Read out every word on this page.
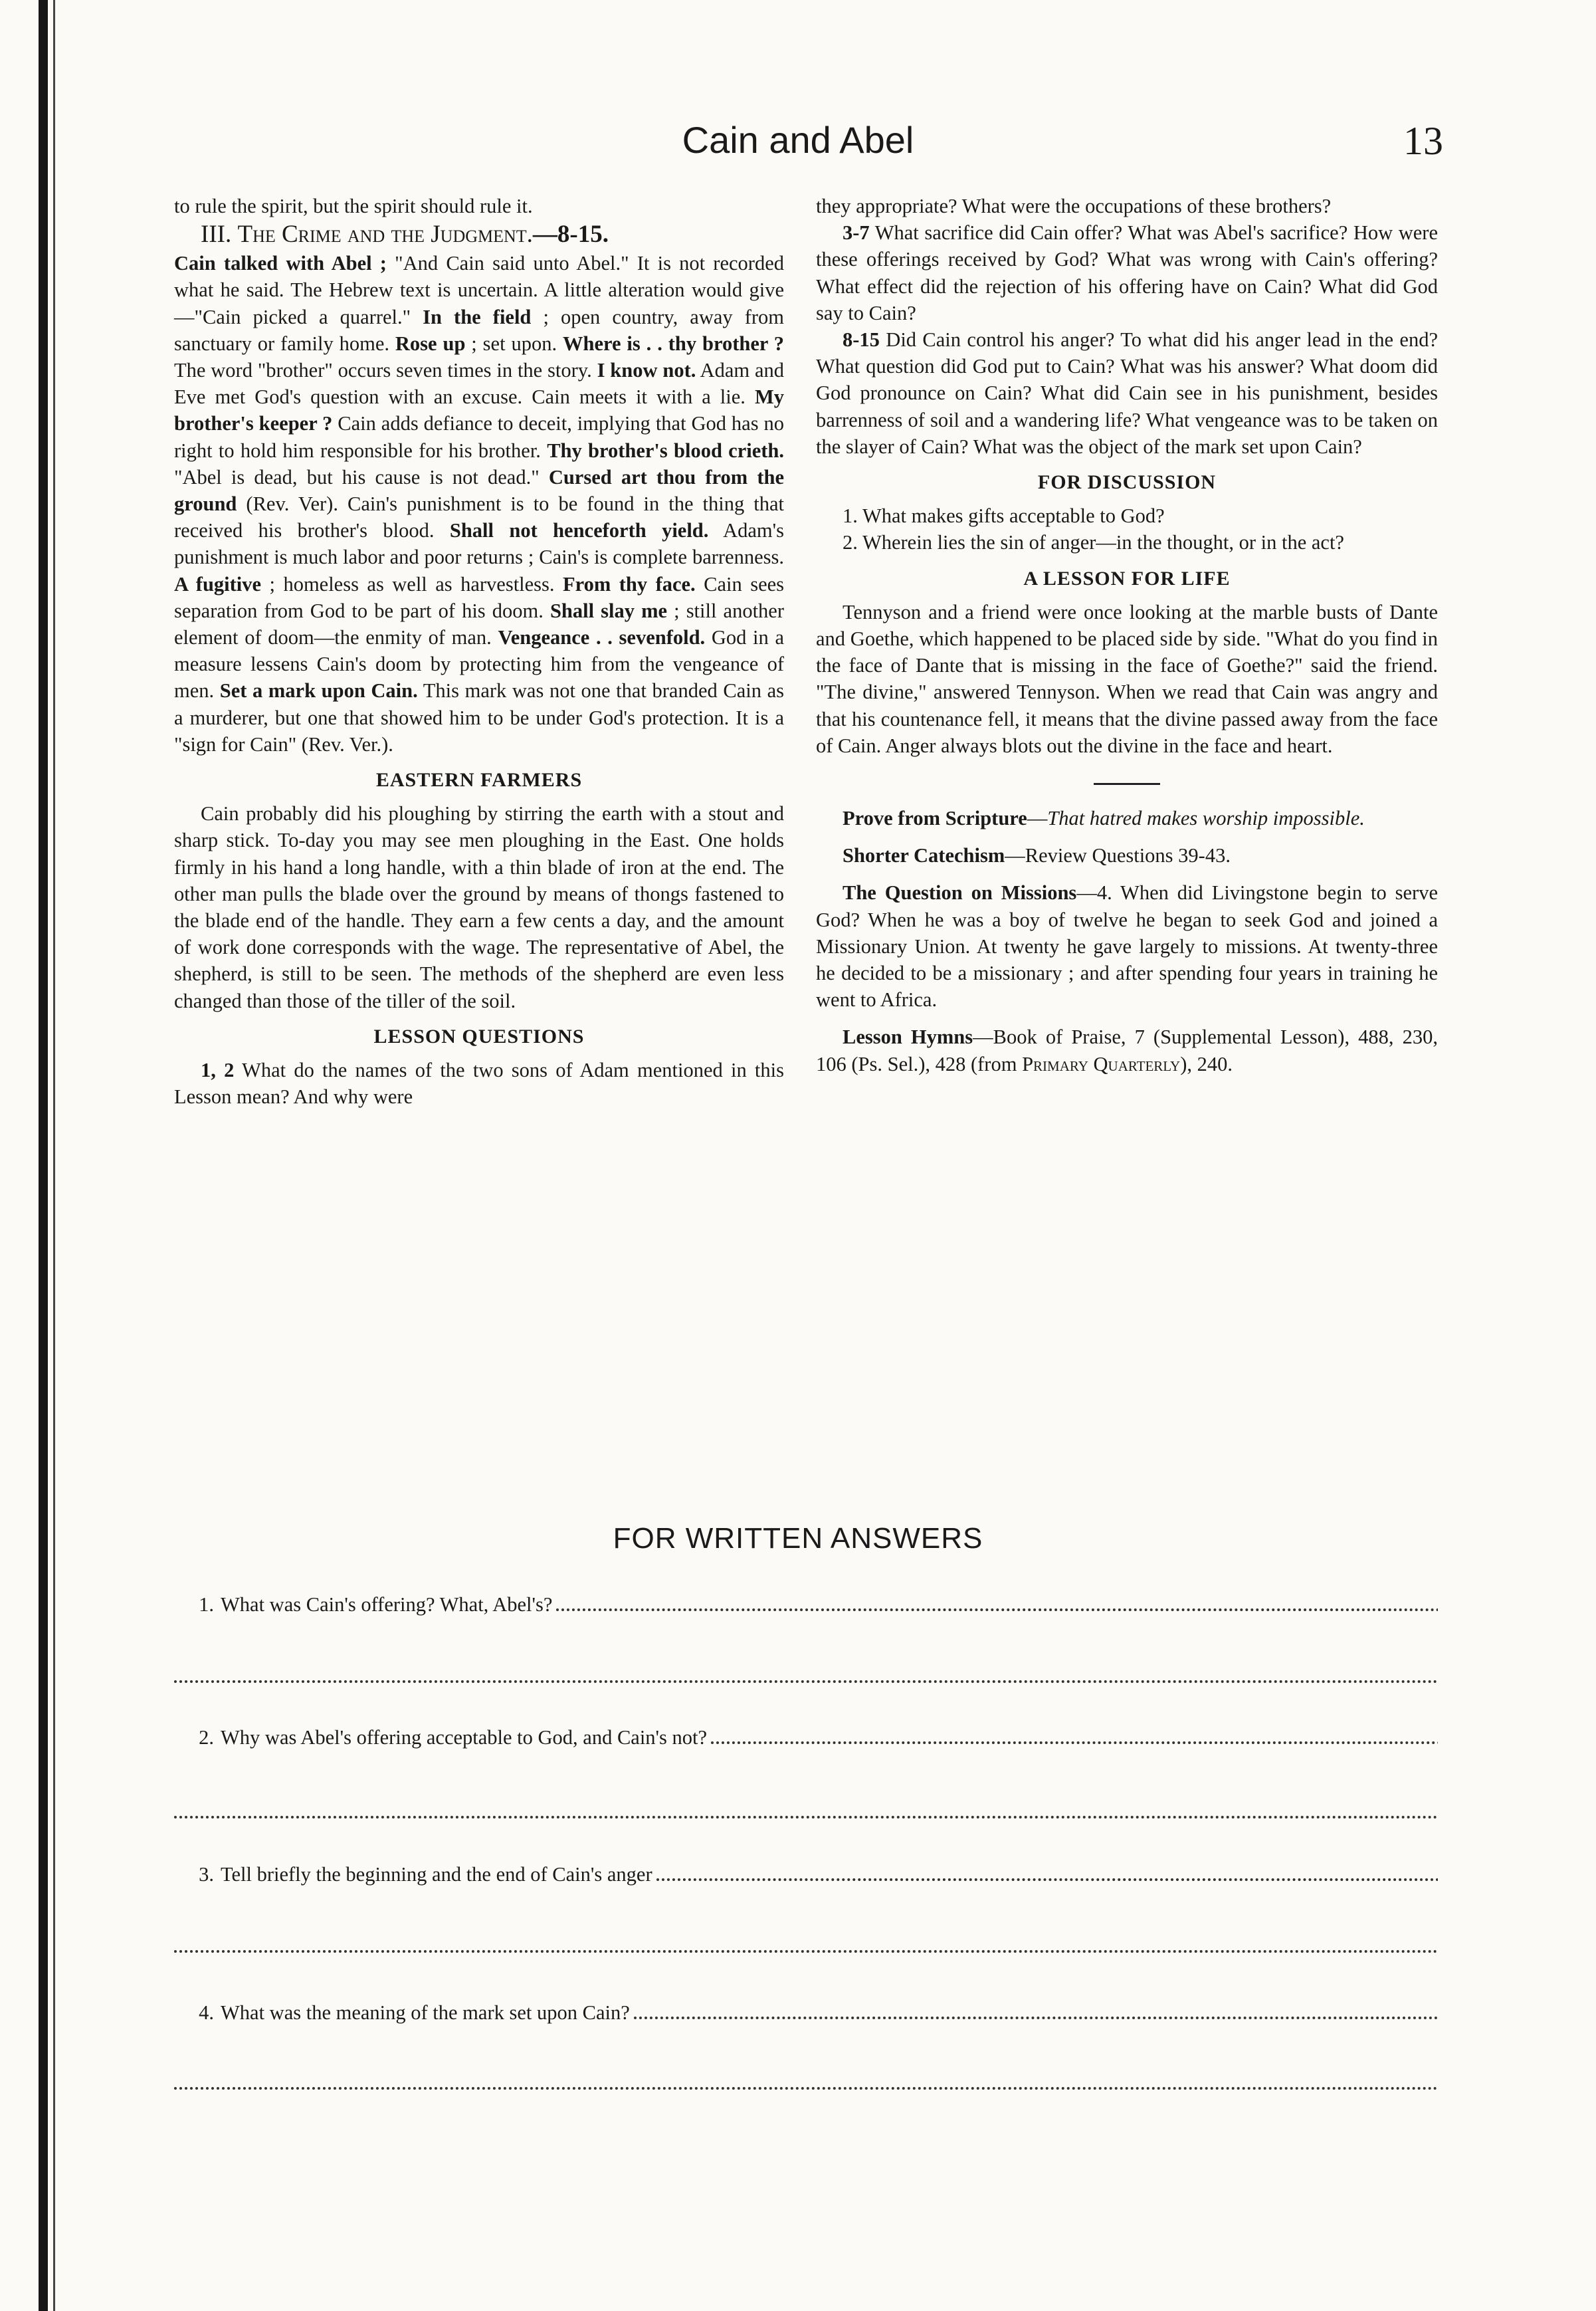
Cain and Abel	13

to rule the spirit, but the spirit should rule it.

III. The Crime and the Judgment.—8-15.

Cain talked with Abel ; "And Cain said unto Abel." It is not recorded what he said. The Hebrew text is uncertain. A little alteration would give—"Cain picked a quarrel." In the field ; open country, away from sanctuary or family home. Rose up ; set upon. Where is . . thy brother ? The word "brother" occurs seven times in the story. I know not. Adam and Eve met God's question with an excuse. Cain meets it with a lie. My brother's keeper ? Cain adds defiance to deceit, implying that God has no right to hold him responsible for his brother. Thy brother's blood crieth. "Abel is dead, but his cause is not dead." Cursed art thou from the ground (Rev. Ver). Cain's punishment is to be found in the thing that received his brother's blood. Shall not henceforth yield. Adam's punishment is much labor and poor returns ; Cain's is complete barrenness. A fugitive ; homeless as well as harvestless. From thy face. Cain sees separation from God to be part of his doom. Shall slay me ; still another element of doom—the enmity of man. Vengeance . . sevenfold. God in a measure lessens Cain's doom by protecting him from the vengeance of men. Set a mark upon Cain. This mark was not one that branded Cain as a murderer, but one that showed him to be under God's protection. It is a "sign for Cain" (Rev. Ver.).

EASTERN FARMERS

Cain probably did his ploughing by stirring the earth with a stout and sharp stick. To-day you may see men ploughing in the East. One holds firmly in his hand a long handle, with a thin blade of iron at the end. The other man pulls the blade over the ground by means of thongs fastened to the blade end of the handle. They earn a few cents a day, and the amount of work done corresponds with the wage. The representative of Abel, the shepherd, is still to be seen. The methods of the shepherd are even less changed than those of the tiller of the soil.

LESSON QUESTIONS

1, 2 What do the names of the two sons of Adam mentioned in this Lesson mean? And why were

they appropriate? What were the occupations of these brothers?

3-7 What sacrifice did Cain offer? What was Abel's sacrifice? How were these offerings received by God? What was wrong with Cain's offering? What effect did the rejection of his offering have on Cain? What did God say to Cain?

8-15 Did Cain control his anger? To what did his anger lead in the end? What question did God put to Cain? What was his answer? What doom did God pronounce on Cain? What did Cain see in his punishment, besides barrenness of soil and a wandering life? What vengeance was to be taken on the slayer of Cain? What was the object of the mark set upon Cain?

FOR DISCUSSION

1. What makes gifts acceptable to God?

2. Wherein lies the sin of anger—in the thought, or in the act?

A LESSON FOR LIFE

Tennyson and a friend were once looking at the marble busts of Dante and Goethe, which happened to be placed side by side. "What do you find in the face of Dante that is missing in the face of Goethe?" said the friend. "The divine," answered Tennyson. When we read that Cain was angry and that his countenance fell, it means that the divine passed away from the face of Cain. Anger always blots out the divine in the face and heart.

Prove from Scripture—That hatred makes worship impossible.

Shorter Catechism—Review Questions 39-43.

The Question on Missions—4. When did Livingstone begin to serve God? When he was a boy of twelve he began to seek God and joined a Missionary Union. At twenty he gave largely to missions. At twenty-three he decided to be a missionary ; and after spending four years in training he went to Africa.

Lesson Hymns—Book of Praise, 7 (Supplemental Lesson), 488, 230, 106 (Ps. Sel.), 428 (from Primary Quarterly), 240.

FOR WRITTEN ANSWERS
1. What was Cain's offering? What, Abel's?
2. Why was Abel's offering acceptable to God, and Cain's not?
3. Tell briefly the beginning and the end of Cain's anger
4. What was the meaning of the mark set upon Cain?
